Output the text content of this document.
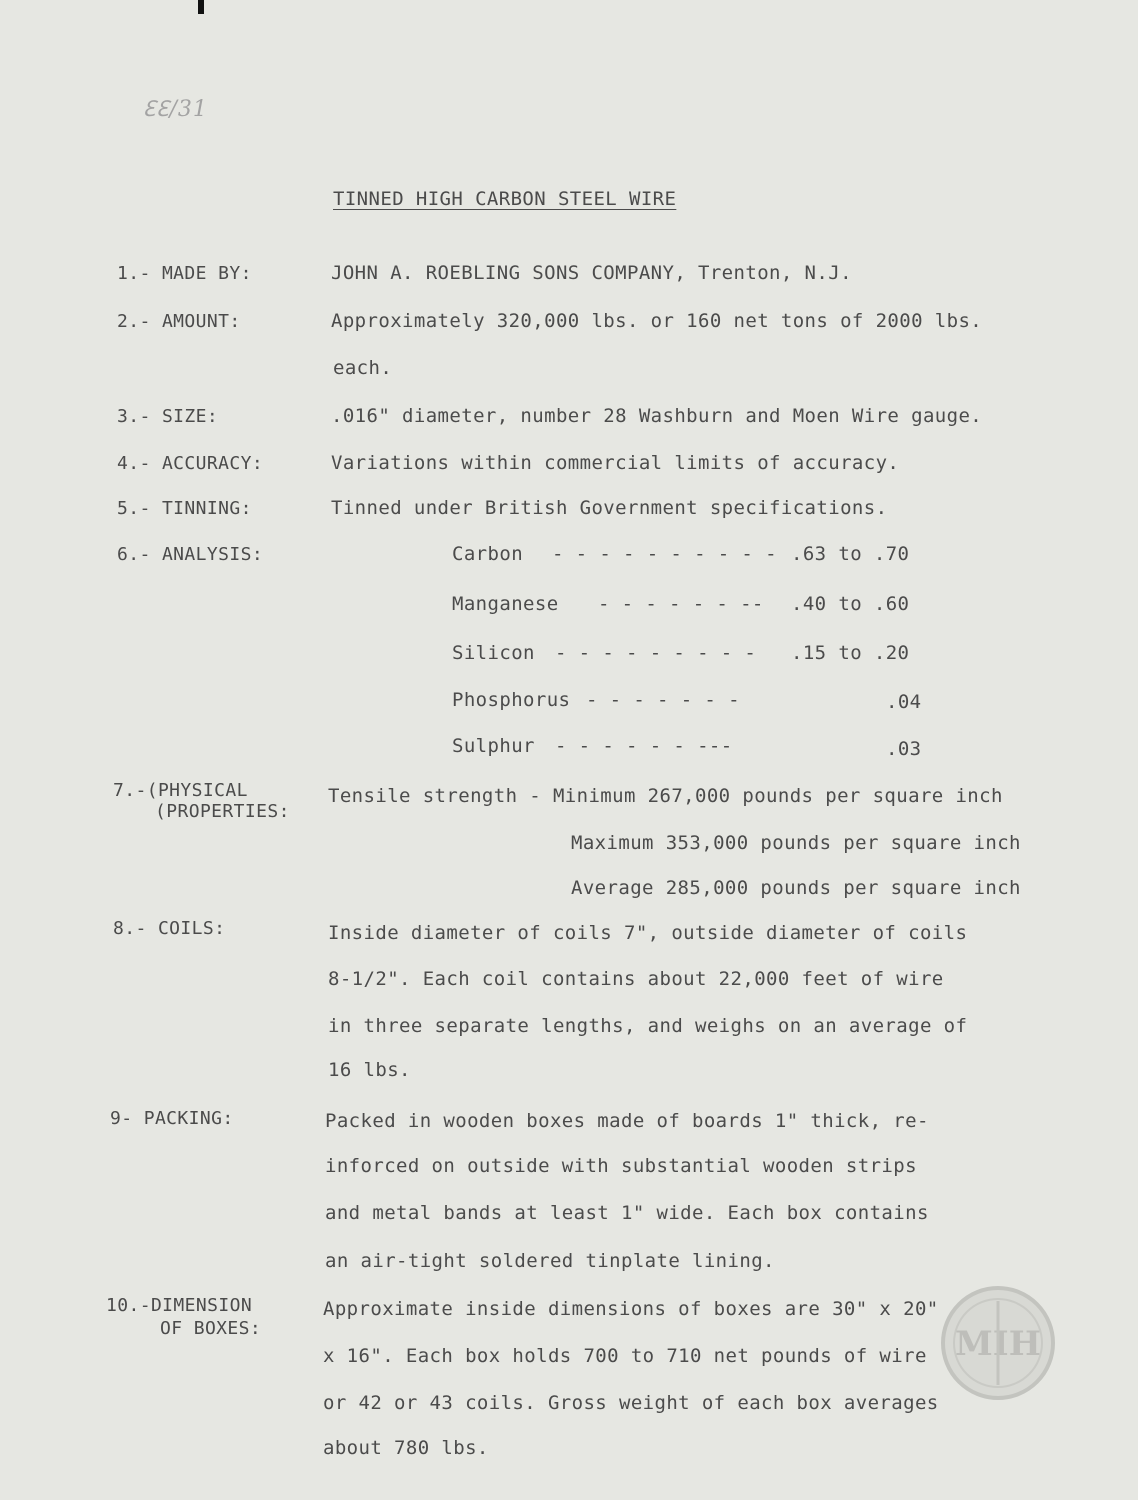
𐐁𐐁/31
TINNED HIGH CARBON STEEL WIRE
1.- MADE BY:	JOHN A. ROEBLING SONS COMPANY, Trenton, N.J.
2.- AMOUNT:	Approximately 320,000 lbs. or 160 net tons of 2000 lbs.
each.
3.- SIZE:	.016" diameter, number 28 Washburn and Moen Wire gauge.
4.- ACCURACY:	Variations within commercial limits of accuracy.
5.- TINNING:	Tinned under British Government specifications.
6.- ANALYSIS:	Carbon - - - - - - - - - - .63 to .70
Manganese - - - - - - -- .40 to .60
Silicon - - - - - - - - - .15 to .20
Phosphorus - - - - - - -	.04
Sulphur - - - - - - ---	.03
7.-(PHYSICAL
(PROPERTIES:
Tensile strength - Minimum 267,000 pounds per square inch
Maximum 353,000 pounds per square inch
Average 285,000 pounds per square inch
8.- COILS:	Inside diameter of coils 7", outside diameter of coils
8-1/2". Each coil contains about 22,000 feet of wire
in three separate lengths, and weighs on an average of
16 lbs.
9- PACKING:	Packed in wooden boxes made of boards 1" thick, re-
inforced on outside with substantial wooden strips
and metal bands at least 1" wide. Each box contains
an air-tight soldered tinplate lining.
10.-DIMENSION
OF BOXES:
Approximate inside dimensions of boxes are 30" x 20"
x 16". Each box holds 700 to 710 net pounds of wire
or 42 or 43 coils. Gross weight of each box averages
about 780 lbs.
MIH
